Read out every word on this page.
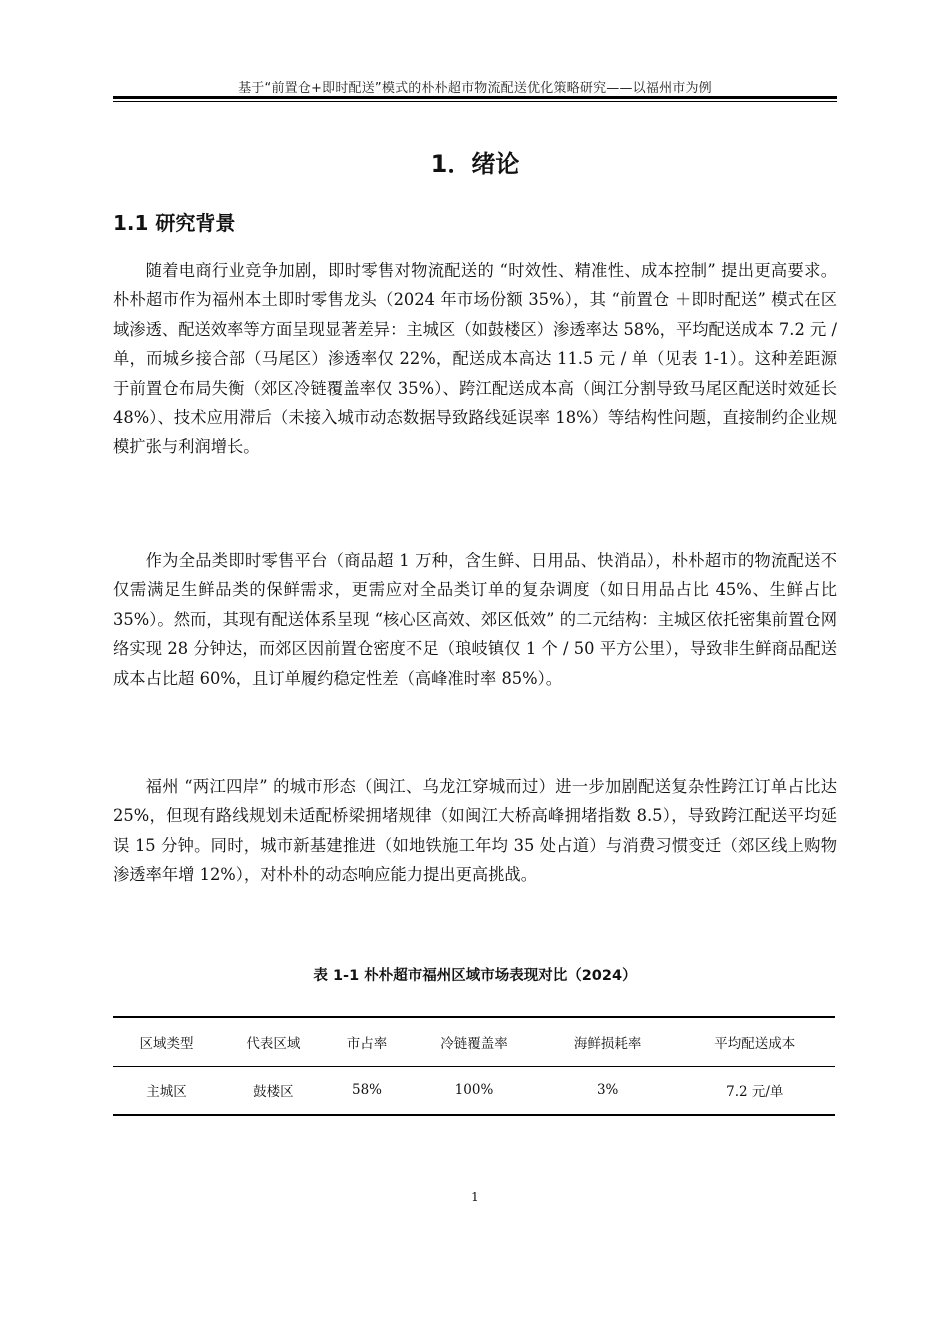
基于“前置仓+即时配送”模式的朴朴超市物流配送优化策略研究——以福州市为例
1．绪论
1.1 研究背景

随着电商行业竞争加剧，即时零售对物流配送的 “时效性、精准性、成本控制” 提出更高要求。朴朴超市作为福州本土即时零售龙头（2024 年市场份额 35%），其 “前置仓 ＋即时配送” 模式在区域渗透、配送效率等方面呈现显著差异：主城区（如鼓楼区）渗透率达 58%，平均配送成本 7.2 元 / 单，而城乡接合部（马尾区）渗透率仅 22%，配送成本高达 11.5 元 / 单（见表 1-1）。这种差距源于前置仓布局失衡（郊区冷链覆盖率仅 35%）、跨江配送成本高（闽江分割导致马尾区配送时效延长 48%）、技术应用滞后（未接入城市动态数据导致路线延误率 18%）等结构性问题，直接制约企业规模扩张与利润增长。

作为全品类即时零售平台（商品超 1 万种，含生鲜、日用品、快消品），朴朴超市的物流配送不仅需满足生鲜品类的保鲜需求，更需应对全品类订单的复杂调度（如日用品占比 45%、生鲜占比 35%）。然而，其现有配送体系呈现 “核心区高效、郊区低效” 的二元结构：主城区依托密集前置仓网络实现 28 分钟达，而郊区因前置仓密度不足（琅岐镇仅 1 个 / 50 平方公里），导致非生鲜商品配送成本占比超 60%，且订单履约稳定性差（高峰准时率 85%）。

福州 “两江四岸” 的城市形态（闽江、乌龙江穿城而过）进一步加剧配送复杂性跨江订单占比达 25%，但现有路线规划未适配桥梁拥堵规律（如闽江大桥高峰拥堵指数 8.5），导致跨江配送平均延误 15 分钟。同时，城市新基建推进（如地铁施工年均 35 处占道）与消费习惯变迁（郊区线上购物渗透率年增 12%），对朴朴的动态响应能力提出更高挑战。

表 1-1 朴朴超市福州区域市场表现对比（2024）
区域类型	代表区域	市占率	冷链覆盖率	海鲜损耗率	平均配送成本
主城区	鼓楼区	58%	100%	3%	7.2 元/单
1
